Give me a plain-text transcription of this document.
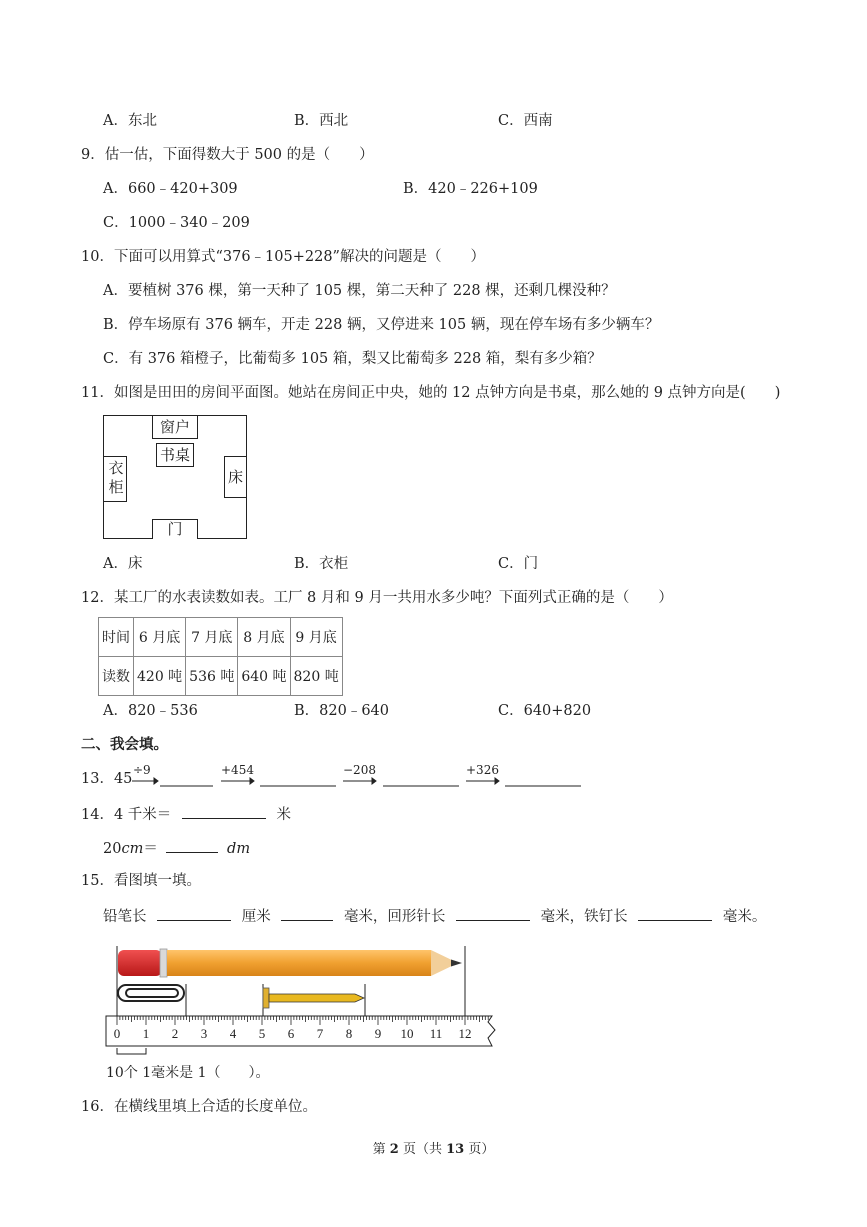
A．东北	B．西北	C．西南
9．估一估，下面得数大于 500 的是（　　）
A．660﹣420+309	B．420﹣226+109
C．1000﹣340﹣209
10．下面可以用算式“376﹣105+228”解决的问题是（　　）
A．要植树 376 棵，第一天种了 105 棵，第二天种了 228 棵，还剩几棵没种？
B．停车场原有 376 辆车，开走 228 辆，又停进来 105 辆，现在停车场有多少辆车？
C．有 376 箱橙子，比葡萄多 105 箱，梨又比葡萄多 228 箱，梨有多少箱？
11．如图是田田的房间平面图。她站在房间正中央，她的 12 点钟方向是书桌，那么她的 9 点钟方向是(　　)
窗户
书桌
衣柜	床
门
A．床	B．衣柜	C．门
12．某工厂的水表读数如表。工厂 8 月和 9 月一共用水多少吨？下面列式正确的是（　　）
时间	6 月底	7 月底	8 月底	9 月底
读数	420 吨	536 吨	640 吨	820 吨
A．820﹣536	B．820﹣640	C．640+820
二、我会填。
13．45
÷9	+454	−208	+326
14．4 千米＝	米
20cm＝	dm
15．看图填一填。
铅笔长	厘米	毫米，回形针长	毫米，铁钉长	毫米。
0 1 2 3 4 5 6 7 8 9 10 11 12
10个 1毫米是 1（　　）。
16．在横线里填上合适的长度单位。
第 2 页（共 13 页）
